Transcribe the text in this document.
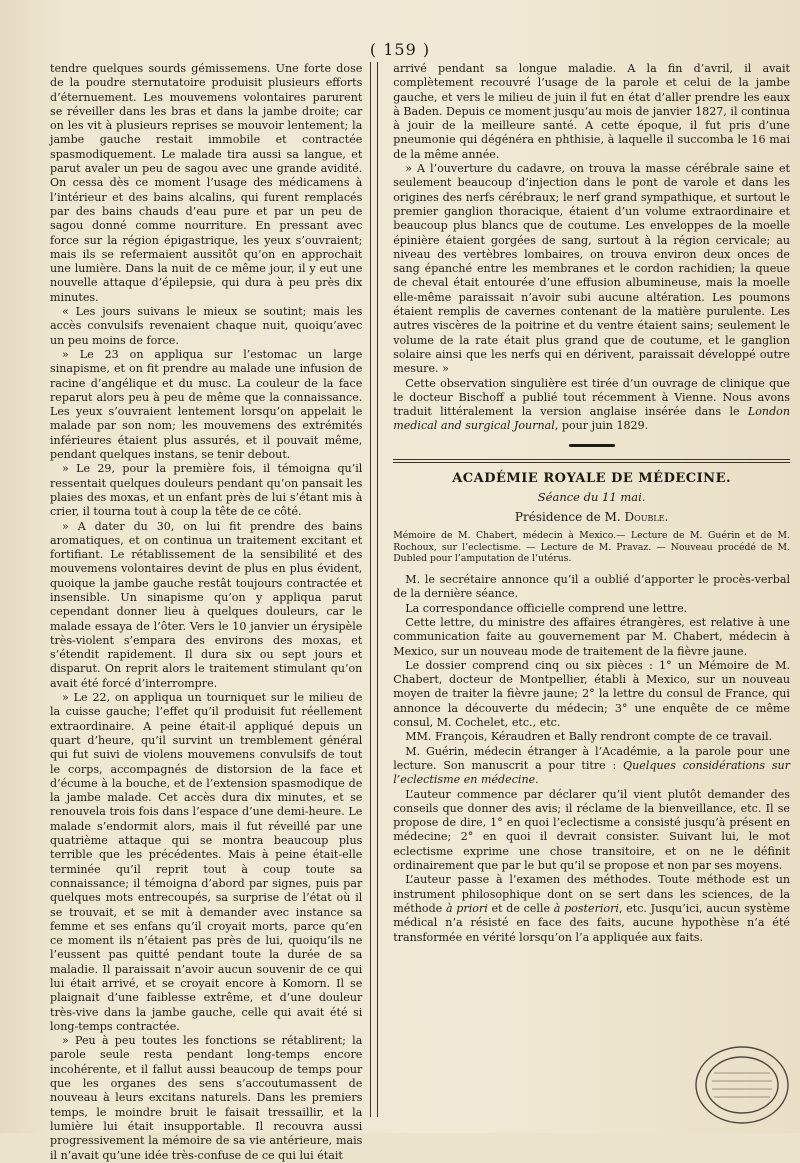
( 159 )

tendre quelques sourds gémissemens. Une forte dose de la poudre sternutatoire produisit plusieurs efforts d’éternuement. Les mouvemens volontaires parurent se réveiller dans les bras et dans la jambe droite; car on les vit à plusieurs reprises se mouvoir lentement; la jambe gauche restait immobile et contractée spasmodiquement. Le malade tira aussi sa langue, et parut avaler un peu de sagou avec une grande avidité. On cessa dès ce moment l’usage des médicamens à l’intérieur et des bains alcalins, qui furent remplacés par des bains chauds d’eau pure et par un peu de sagou donné comme nourriture. En pressant avec force sur la région épigastrique, les yeux s’ouvraient; mais ils se refermaient aussitôt qu’on en approchait une lumière. Dans la nuit de ce même jour, il y eut une nouvelle attaque d’épilepsie, qui dura à peu près dix minutes.

« Les jours suivans le mieux se soutint; mais les accès convulsifs revenaient chaque nuit, quoiqu’avec un peu moins de force.

» Le 23 on appliqua sur l’estomac un large sinapisme, et on fit prendre au malade une infusion de racine d’angélique et du musc. La couleur de la face reparut alors peu à peu de même que la connaissance. Les yeux s’ouvraient lentement lorsqu’on appelait le malade par son nom; les mouvemens des extrémités inférieures étaient plus assurés, et il pouvait même, pendant quelques instans, se tenir debout.

» Le 29, pour la première fois, il témoigna qu’il ressentait quelques douleurs pendant qu’on pansait les plaies des moxas, et un enfant près de lui s’étant mis à crier, il tourna tout à coup la tête de ce côté.

» A dater du 30, on lui fit prendre des bains aromatiques, et on continua un traitement excitant et fortifiant. Le rétablissement de la sensibilité et des mouvemens volontaires devint de plus en plus évident, quoique la jambe gauche restât toujours contractée et insensible. Un sinapisme qu’on y appliqua parut cependant donner lieu à quelques douleurs, car le malade essaya de l’ôter. Vers le 10 janvier un érysipèle très-violent s’empara des environs des moxas, et s’étendit rapidement. Il dura six ou sept jours et disparut. On reprit alors le traitement stimulant qu’on avait été forcé d’interrompre.

» Le 22, on appliqua un tourniquet sur le milieu de la cuisse gauche; l’effet qu’il produisit fut réellement extraordinaire. A peine était-il appliqué depuis un quart d’heure, qu’il survint un tremblement général qui fut suivi de violens mouvemens convulsifs de tout le corps, accompagnés de distorsion de la face et d’écume à la bouche, et de l’extension spasmodique de la jambe malade. Cet accès dura dix minutes, et se renouvela trois fois dans l’espace d’une demi-heure. Le malade s’endormit alors, mais il fut réveillé par une quatrième attaque qui se montra beaucoup plus terrible que les précédentes. Mais à peine était-elle terminée qu’il reprit tout à coup toute sa connaissance; il témoigna d’abord par signes, puis par quelques mots entrecoupés, sa surprise de l’état où il se trouvait, et se mit à demander avec instance sa femme et ses enfans qu’il croyait morts, parce qu’en ce moment ils n’étaient pas près de lui, quoiqu’ils ne l’eussent pas quitté pendant toute la durée de sa maladie. Il paraissait n’avoir aucun souvenir de ce qui lui était arrivé, et se croyait encore à Komorn. Il se plaignait d’une faiblesse extrême, et d’une douleur très-vive dans la jambe gauche, celle qui avait été si long-temps contractée.

» Peu à peu toutes les fonctions se rétablirent; la parole seule resta pendant long-temps encore incohérente, et il fallut aussi beaucoup de temps pour que les organes des sens s’accoutumassent de nouveau à leurs excitans naturels. Dans les premiers temps, le moindre bruit le faisait tressaillir, et la lumière lui était insupportable. Il recouvra aussi progressivement la mémoire de sa vie antérieure, mais il n’avait qu’une idée très-confuse de ce qui lui était

arrivé pendant sa longue maladie. A la fin d’avril, il avait complètement recouvré l’usage de la parole et celui de la jambe gauche, et vers le milieu de juin il fut en état d’aller prendre les eaux à Baden. Depuis ce moment jusqu’au mois de janvier 1827, il continua à jouir de la meilleure santé. A cette époque, il fut pris d’une pneumonie qui dégénéra en phthisie, à laquelle il succomba le 16 mai de la même année.

» A l’ouverture du cadavre, on trouva la masse cérébrale saine et seulement beaucoup d’injection dans le pont de varole et dans les origines des nerfs cérébraux; le nerf grand sympathique, et surtout le premier ganglion thoracique, étaient d’un volume extraordinaire et beaucoup plus blancs que de coutume. Les enveloppes de la moelle épinière étaient gorgées de sang, surtout à la région cervicale; au niveau des vertèbres lombaires, on trouva environ deux onces de sang épanché entre les membranes et le cordon rachidien; la queue de cheval était entourée d’une effusion albumineuse, mais la moelle elle-même paraissait n’avoir subi aucune altération. Les poumons étaient remplis de cavernes contenant de la matière purulente. Les autres viscères de la poitrine et du ventre étaient sains; seulement le volume de la rate était plus grand que de coutume, et le ganglion solaire ainsi que les nerfs qui en dérivent, paraissait développé outre mesure. »

Cette observation singulière est tirée d’un ouvrage de clinique que le docteur Bischoff a publié tout récemment à Vienne. Nous avons traduit littéralement la version anglaise insérée dans le London medical and surgical Journal, pour juin 1829.

ACADÉMIE ROYALE DE MÉDECINE.
Séance du 11 mai.
Présidence de M. Double.
Mémoire de M. Chabert, médecin à Mexico.— Lecture de M. Guérin et de M. Rochoux, sur l’eclectisme. — Lecture de M. Pravaz. — Nouveau procédé de M. Dubled pour l’amputation de l’utérus.

M. le secrétaire annonce qu’il a oublié d’apporter le procès-verbal de la dernière séance.

La correspondance officielle comprend une lettre.

Cette lettre, du ministre des affaires étrangères, est relative à une communication faite au gouvernement par M. Chabert, médecin à Mexico, sur un nouveau mode de traitement de la fièvre jaune.

Le dossier comprend cinq ou six pièces : 1° un Mémoire de M. Chabert, docteur de Montpellier, établi à Mexico, sur un nouveau moyen de traiter la fièvre jaune; 2° la lettre du consul de France, qui annonce la découverte du médecin; 3° une enquête de ce même consul, M. Cochelet, etc., etc.

MM. François, Kéraudren et Bally rendront compte de ce travail.

M. Guérin, médecin étranger à l’Académie, a la parole pour une lecture. Son manuscrit a pour titre : Quelques considérations sur l’eclectisme en médecine.

L’auteur commence par déclarer qu’il vient plutôt demander des conseils que donner des avis; il réclame de la bienveillance, etc. Il se propose de dire, 1° en quoi l’eclectisme a consisté jusqu’à présent en médecine; 2° en quoi il devrait consister. Suivant lui, le mot eclectisme exprime une chose transitoire, et on ne le définit ordinairement que par le but qu’il se propose et non par ses moyens.

L’auteur passe à l’examen des méthodes. Toute méthode est un instrument philosophique dont on se sert dans les sciences, de la méthode à priori et de celle à posteriori, etc. Jusqu’ici, aucun système médical n’a résisté en face des faits, aucune hypothèse n’a été transformée en vérité lorsqu’on l’a appliquée aux faits.
